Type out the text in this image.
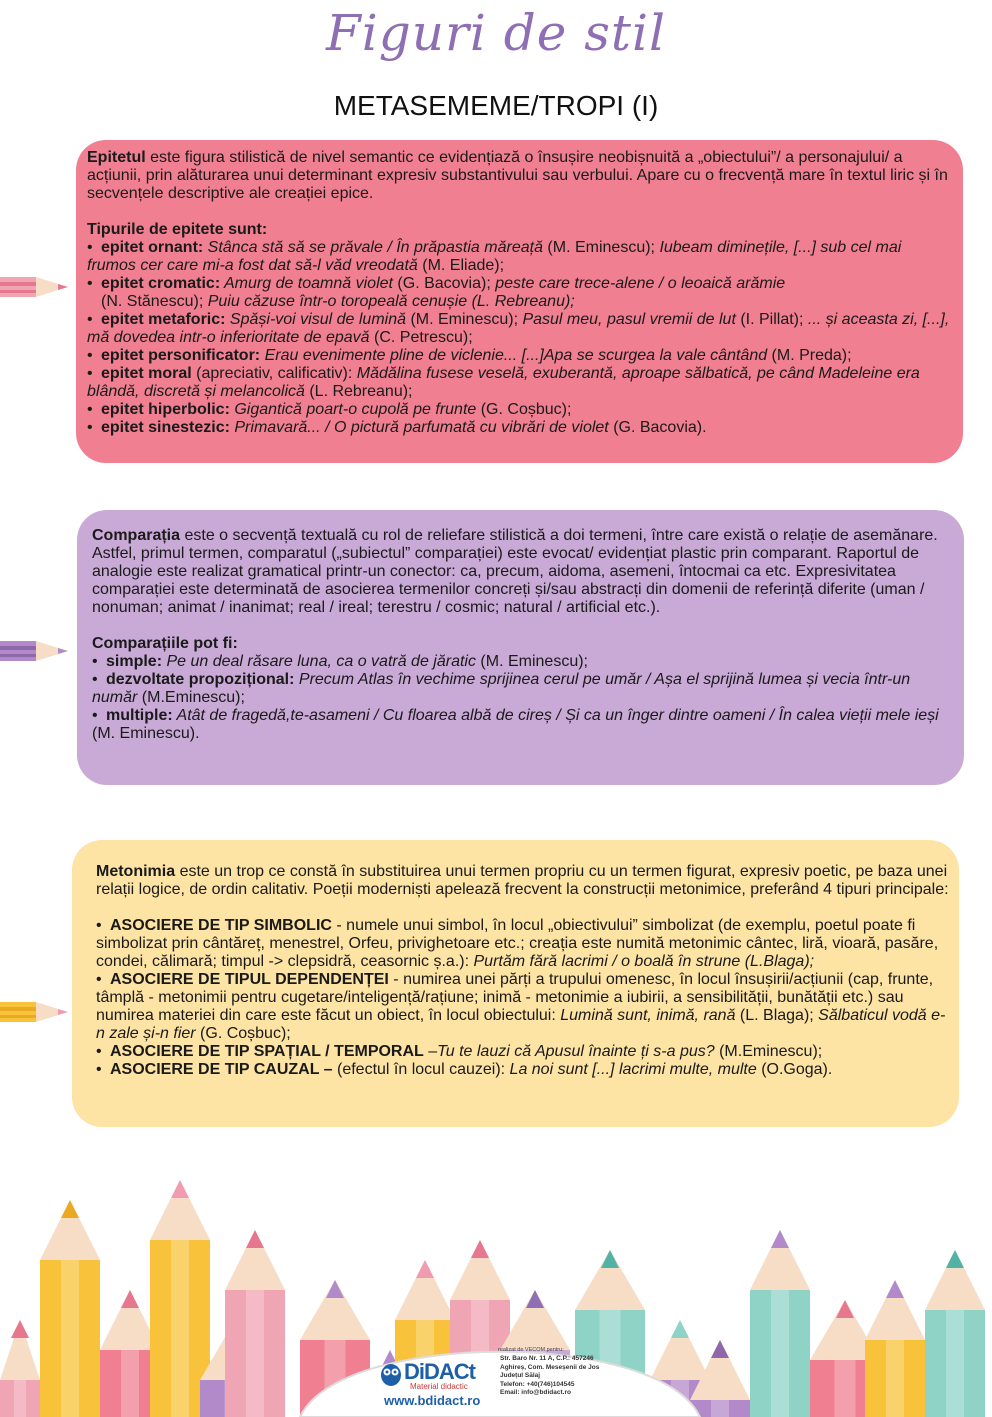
Figuri de stil
METASEMEME/TROPI (I)

Epitetul este figura stilistică de nivel semantic ce evidențiază o însușire neobișnuită a „obiectului”/ a personajului/ a acțiunii, prin alăturarea unui determinant expresiv substantivului sau verbului. Apare cu o frecvență mare în textul liric și în secvențele descriptive ale creației epice.

Tipurile de epitete sunt:

• epitet ornant: Stânca stă să se prăvale / În prăpastia măreață (M. Eminescu); Iubeam diminețile, [...] sub cel mai frumos cer care mi-a fost dat să-l văd vreodată (M. Eliade);
• epitet cromatic: Amurg de toamnă violet (G. Bacovia); peste care trece-alene / o leoaică arămie
(N. Stănescu); Puiu căzuse într-o toropeală cenușie (L. Rebreanu);
• epitet metaforic: Spăși-voi visul de lumină (M. Eminescu); Pasul meu, pasul vremii de lut (I. Pillat); ... și aceasta zi, [...], mă dovedea intr-o inferioritate de epavă (C. Petrescu);
• epitet personificator: Erau evenimente pline de viclenie... [...]Apa se scurgea la vale cântând (M. Preda);
• epitet moral (apreciativ, calificativ): Mădălina fusese veselă, exuberantă, aproape sălbatică, pe când Madeleine era blândă, discretă și melancolică (L. Rebreanu);
• epitet hiperbolic: Gigantică poart-o cupolă pe frunte (G. Coșbuc);
• epitet sinestezic: Primavară... / O pictură parfumată cu vibrări de violet (G. Bacovia).

Comparația este o secvență textuală cu rol de reliefare stilistică a doi termeni, între care există o relație de asemănare. Astfel, primul termen, comparatul („subiectul” comparației) este evocat/ evidențiat plastic prin comparant. Raportul de analogie este realizat gramatical printr-un conector: ca, precum, aidoma, asemeni, întocmai ca etc. Expresivitatea comparației este determinată de asocierea termenilor concreți și/sau abstracți din domenii de referință diferite (uman / nonuman; animat / inanimat; real / ireal; terestru / cosmic; natural / artificial etc.).

Comparațiile pot fi:

• simple: Pe un deal răsare luna, ca o vatră de jăratic (M. Eminescu);
• dezvoltate propozițional: Precum Atlas în vechime sprijinea cerul pe umăr / Așa el sprijină lumea și vecia într-un număr (M.Eminescu);
• multiple: Atât de fragedă,te-asameni / Cu floarea albă de cireș / Și ca un înger dintre oameni / În calea vieții mele ieși (M. Eminescu).

Metonimia este un trop ce constă în substituirea unui termen propriu cu un termen figurat, expresiv poetic, pe baza unei relații logice, de ordin calitativ. Poeții moderniști apelează frecvent la construcții metonimice, preferând 4 tipuri principale:

• ASOCIERE DE TIP SIMBOLIC - numele unui simbol, în locul „obiectivului” simbolizat (de exemplu, poetul poate fi simbolizat prin cântăreț, menestrel, Orfeu, privighetoare etc.; creația este numită metonimic cântec, liră, vioară, pasăre, condei, călimară; timpul -> clepsidră, ceasornic ș.a.): Purtăm fără lacrimi / o boală în strune (L.Blaga);
• ASOCIERE DE TIPUL DEPENDENȚEI - numirea unei părți a trupului omenesc, în locul însușirii/acțiunii (cap, frunte, tâmplă - metonimii pentru cugetare/inteligență/rațiune; inimă - metonimie a iubirii, a sensibilității, bunătății etc.) sau numirea materiei din care este făcut un obiect, în locul obiectului: Lumină sunt, inimă, rană (L. Blaga); Sălbaticul vodă e-n zale și-n fier (G. Coșbuc);
• ASOCIERE DE TIP SPAȚIAL / TEMPORAL –Tu te lauzi că Apusul înainte ți s-a pus? (M.Eminescu);
• ASOCIERE DE TIP CAUZAL – (efectul în locul cauzei): La noi sunt [...] lacrimi multe, multe (O.Goga).
DiDACt
Material didactic
www.bdidact.ro
realizat de VECOM pentru:
Str. Baro Nr. 11 A, C.P.: 457246
Aghireș, Com. Meseșenii de Jos
Județul Sălaj
Telefon: +40(746)104545
Email: info@bdidact.ro
